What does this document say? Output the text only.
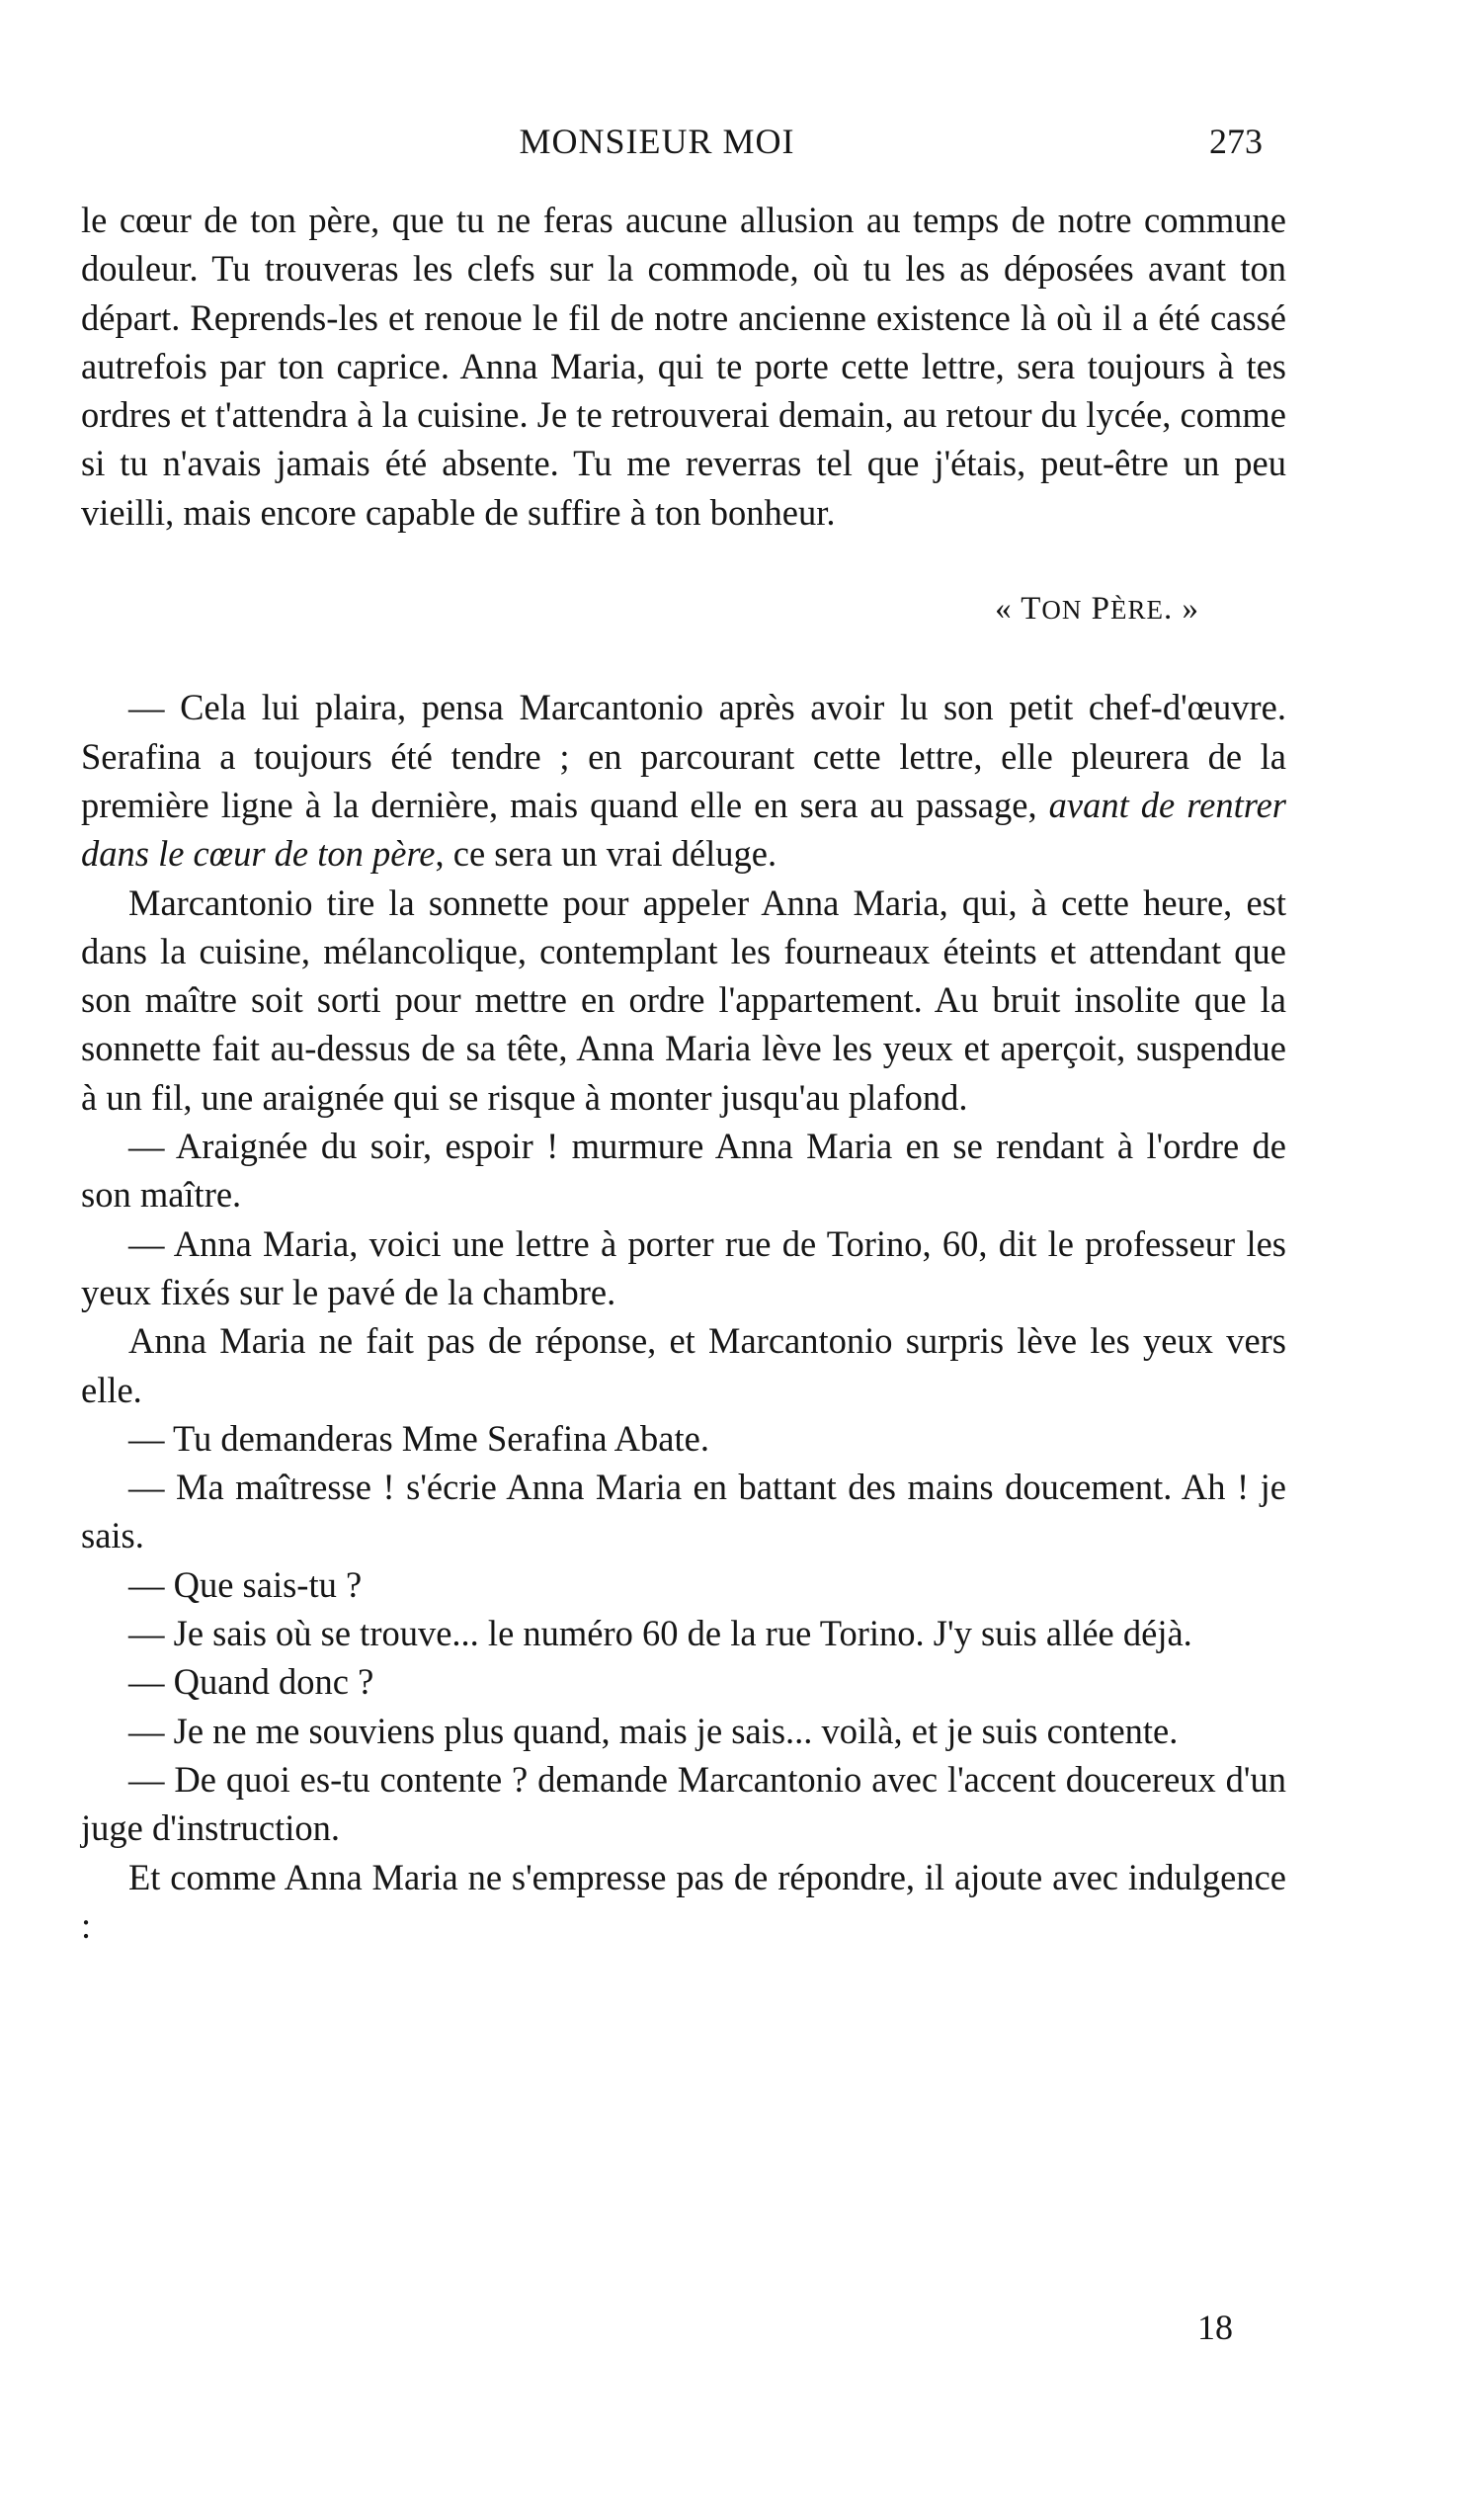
MONSIEUR MOI	273

le cœur de ton père, que tu ne feras aucune allusion au temps de notre commune douleur. Tu trouveras les clefs sur la commode, où tu les as déposées avant ton départ. Reprends-les et renoue le fil de notre ancienne existence là où il a été cassé autrefois par ton caprice. Anna Maria, qui te porte cette lettre, sera toujours à tes ordres et t'attendra à la cuisine. Je te retrouverai demain, au retour du lycée, comme si tu n'avais jamais été absente. Tu me reverras tel que j'étais, peut-être un peu vieilli, mais encore capable de suffire à ton bonheur.

« TON PÈRE. »

— Cela lui plaira, pensa Marcantonio après avoir lu son petit chef-d'œuvre. Serafina a toujours été tendre ; en parcourant cette lettre, elle pleurera de la première ligne à la dernière, mais quand elle en sera au passage, avant de rentrer dans le cœur de ton père, ce sera un vrai déluge.

Marcantonio tire la sonnette pour appeler Anna Maria, qui, à cette heure, est dans la cuisine, mélancolique, contemplant les fourneaux éteints et attendant que son maître soit sorti pour mettre en ordre l'appartement. Au bruit insolite que la sonnette fait au-dessus de sa tête, Anna Maria lève les yeux et aperçoit, suspendue à un fil, une araignée qui se risque à monter jusqu'au plafond.

— Araignée du soir, espoir ! murmure Anna Maria en se rendant à l'ordre de son maître.

— Anna Maria, voici une lettre à porter rue de Torino, 60, dit le professeur les yeux fixés sur le pavé de la chambre.

Anna Maria ne fait pas de réponse, et Marcantonio surpris lève les yeux vers elle.

— Tu demanderas Mme Serafina Abate.

— Ma maîtresse ! s'écrie Anna Maria en battant des mains doucement. Ah ! je sais.

— Que sais-tu ?

— Je sais où se trouve... le numéro 60 de la rue Torino. J'y suis allée déjà.

— Quand donc ?

— Je ne me souviens plus quand, mais je sais... voilà, et je suis contente.

— De quoi es-tu contente ? demande Marcantonio avec l'accent doucereux d'un juge d'instruction.

Et comme Anna Maria ne s'empresse pas de répondre, il ajoute avec indulgence :

18
